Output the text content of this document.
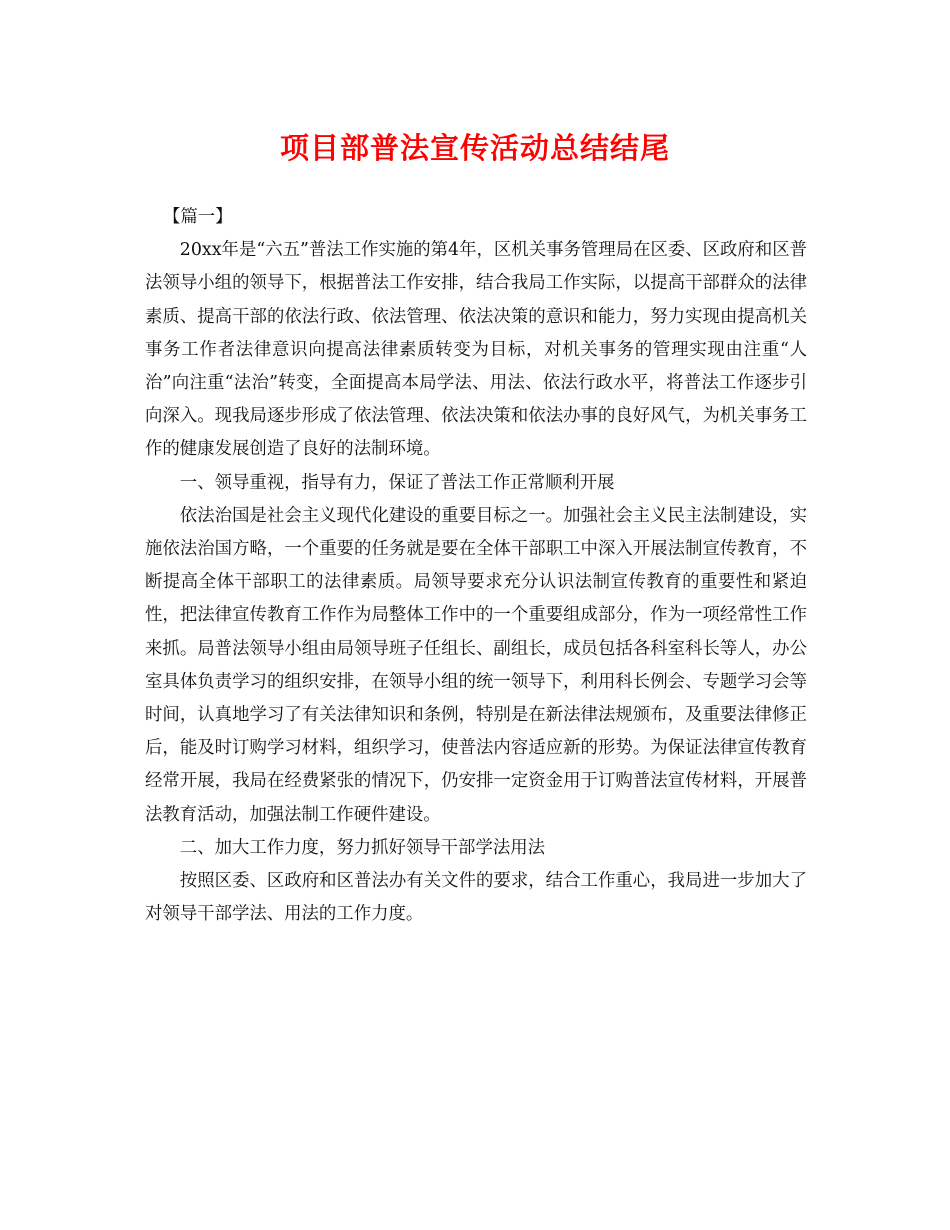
项目部普法宣传活动总结结尾

【篇一】

20xx年是“六五”普法工作实施的第4年，区机关事务管理局在区委、区政府和区普法领导小组的领导下，根据普法工作安排，结合我局工作实际，以提高干部群众的法律素质、提高干部的依法行政、依法管理、依法决策的意识和能力，努力实现由提高机关事务工作者法律意识向提高法律素质转变为目标，对机关事务的管理实现由注重“人治”向注重“法治”转变，全面提高本局学法、用法、依法行政水平，将普法工作逐步引向深入。现我局逐步形成了依法管理、依法决策和依法办事的良好风气，为机关事务工作的健康发展创造了良好的法制环境。

一、领导重视，指导有力，保证了普法工作正常顺利开展

依法治国是社会主义现代化建设的重要目标之一。加强社会主义民主法制建设，实施依法治国方略，一个重要的任务就是要在全体干部职工中深入开展法制宣传教育，不断提高全体干部职工的法律素质。局领导要求充分认识法制宣传教育的重要性和紧迫性，把法律宣传教育工作作为局整体工作中的一个重要组成部分，作为一项经常性工作来抓。局普法领导小组由局领导班子任组长、副组长，成员包括各科室科长等人，办公室具体负责学习的组织安排，在领导小组的统一领导下，利用科长例会、专题学习会等时间，认真地学习了有关法律知识和条例，特别是在新法律法规颁布，及重要法律修正后，能及时订购学习材料，组织学习，使普法内容适应新的形势。为保证法律宣传教育经常开展，我局在经费紧张的情况下，仍安排一定资金用于订购普法宣传材料，开展普法教育活动，加强法制工作硬件建设。

二、加大工作力度，努力抓好领导干部学法用法

按照区委、区政府和区普法办有关文件的要求，结合工作重心，我局进一步加大了对领导干部学法、用法的工作力度。
